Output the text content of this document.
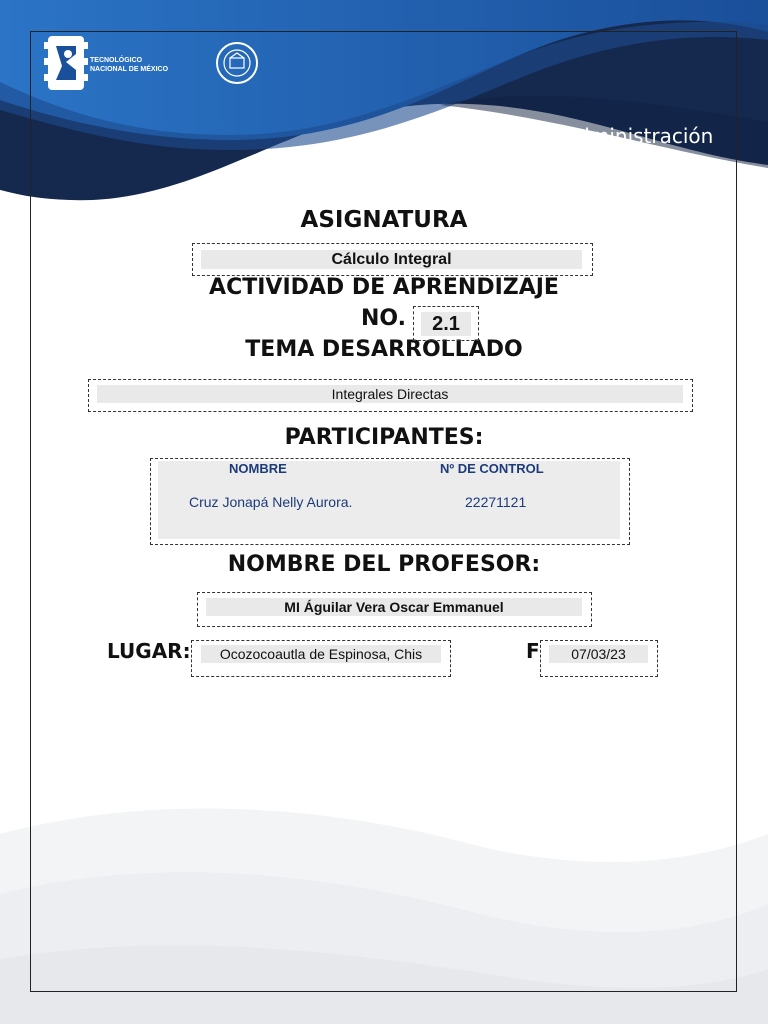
TECNOLÓGICO
NACIONAL DE MÉXICO
Ingeniería en Administración
ASIGNATURA
Cálculo Integral
ACTIVIDAD DE APRENDIZAJE
NO.
TEMA DESARROLLADO
2.1
Integrales Directas
PARTICIPANTES:
NOMBRE	Nº DE CONTROL
Cruz Jonapá Nelly Aurora.	22271121
NOMBRE DEL PROFESOR:
MI Águilar Vera Oscar Emmanuel
LUGAR:	Ocozocoautla de Espinosa, Chis	F	07/03/23
